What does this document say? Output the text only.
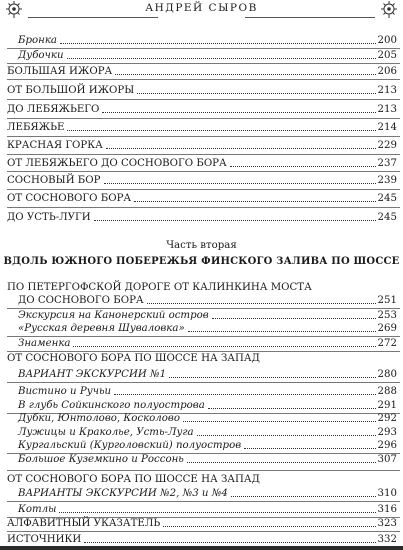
АНДРЕЙ СЫРОВ
Бронка	200
Дубочки	205
БОЛЬШАЯ ИЖОРА	206
ОТ БОЛЬШОЙ ИЖОРЫ	213
ДО ЛЕБЯЖЬЕГО	213
ЛЕБЯЖЬЕ	214
КРАСНАЯ ГОРКА	229
ОТ ЛЕБЯЖЬЕГО ДО СОСНОВОГО БОРА	237
СОСНОВЫЙ БОР	239
ОТ СОСНОВОГО БОРА	245
ДО УСТЬ-ЛУГИ	245
Часть вторая
ВДОЛЬ ЮЖНОГО ПОБЕРЕЖЬЯ ФИНСКОГО ЗАЛИВА ПО ШОССЕ
ПО ПЕТЕРГОФСКОЙ ДОРОГЕ ОТ КАЛИНКИНА МОСТА
ДО СОСНОВОГО БОРА	251
Экскурсия на Канонерский остров	253
«Русская деревня Шуваловка»	269
Знаменка	272
ОТ СОСНОВОГО БОРА ПО ШОССЕ НА ЗАПАД
ВАРИАНТ ЭКСКУРСИИ №1	280
Вистино и Ручьи	288
В глубь Сойкинского полуострова	291
Дубки, Юнтолово, Косколово	292
Лужицы и Кракольe, Усть-Луга	293
Кургальский (Курголовский) полуостров	296
Большое Куземкино и Россонь	307
ОТ СОСНОВОГО БОРА ПО ШОССЕ НА ЗАПАД
ВАРИАНТЫ ЭКСКУРСИИ №2, №3 и №4	310
Котлы	316
АЛФАВИТНЫЙ УКАЗАТЕЛЬ	323
ИСТОЧНИКИ	332
